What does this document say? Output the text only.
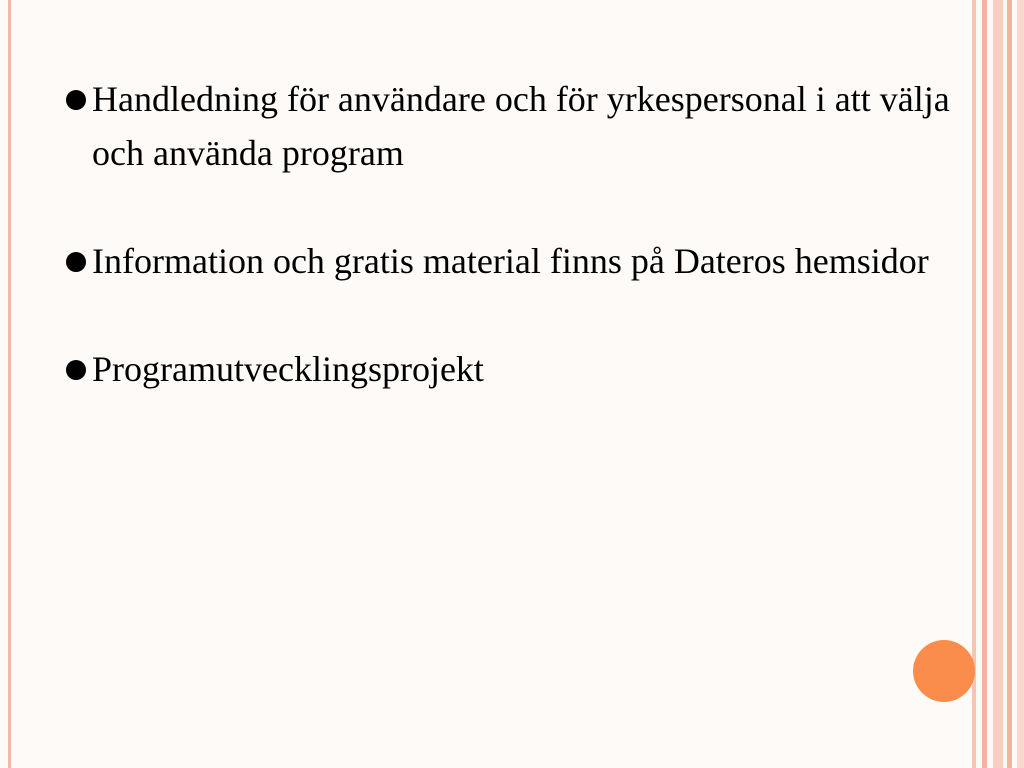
Handledning för användare och för yrkespersonal i att välja och använda program
Information och gratis material finns på Dateros hemsidor
Programutvecklingsprojekt
